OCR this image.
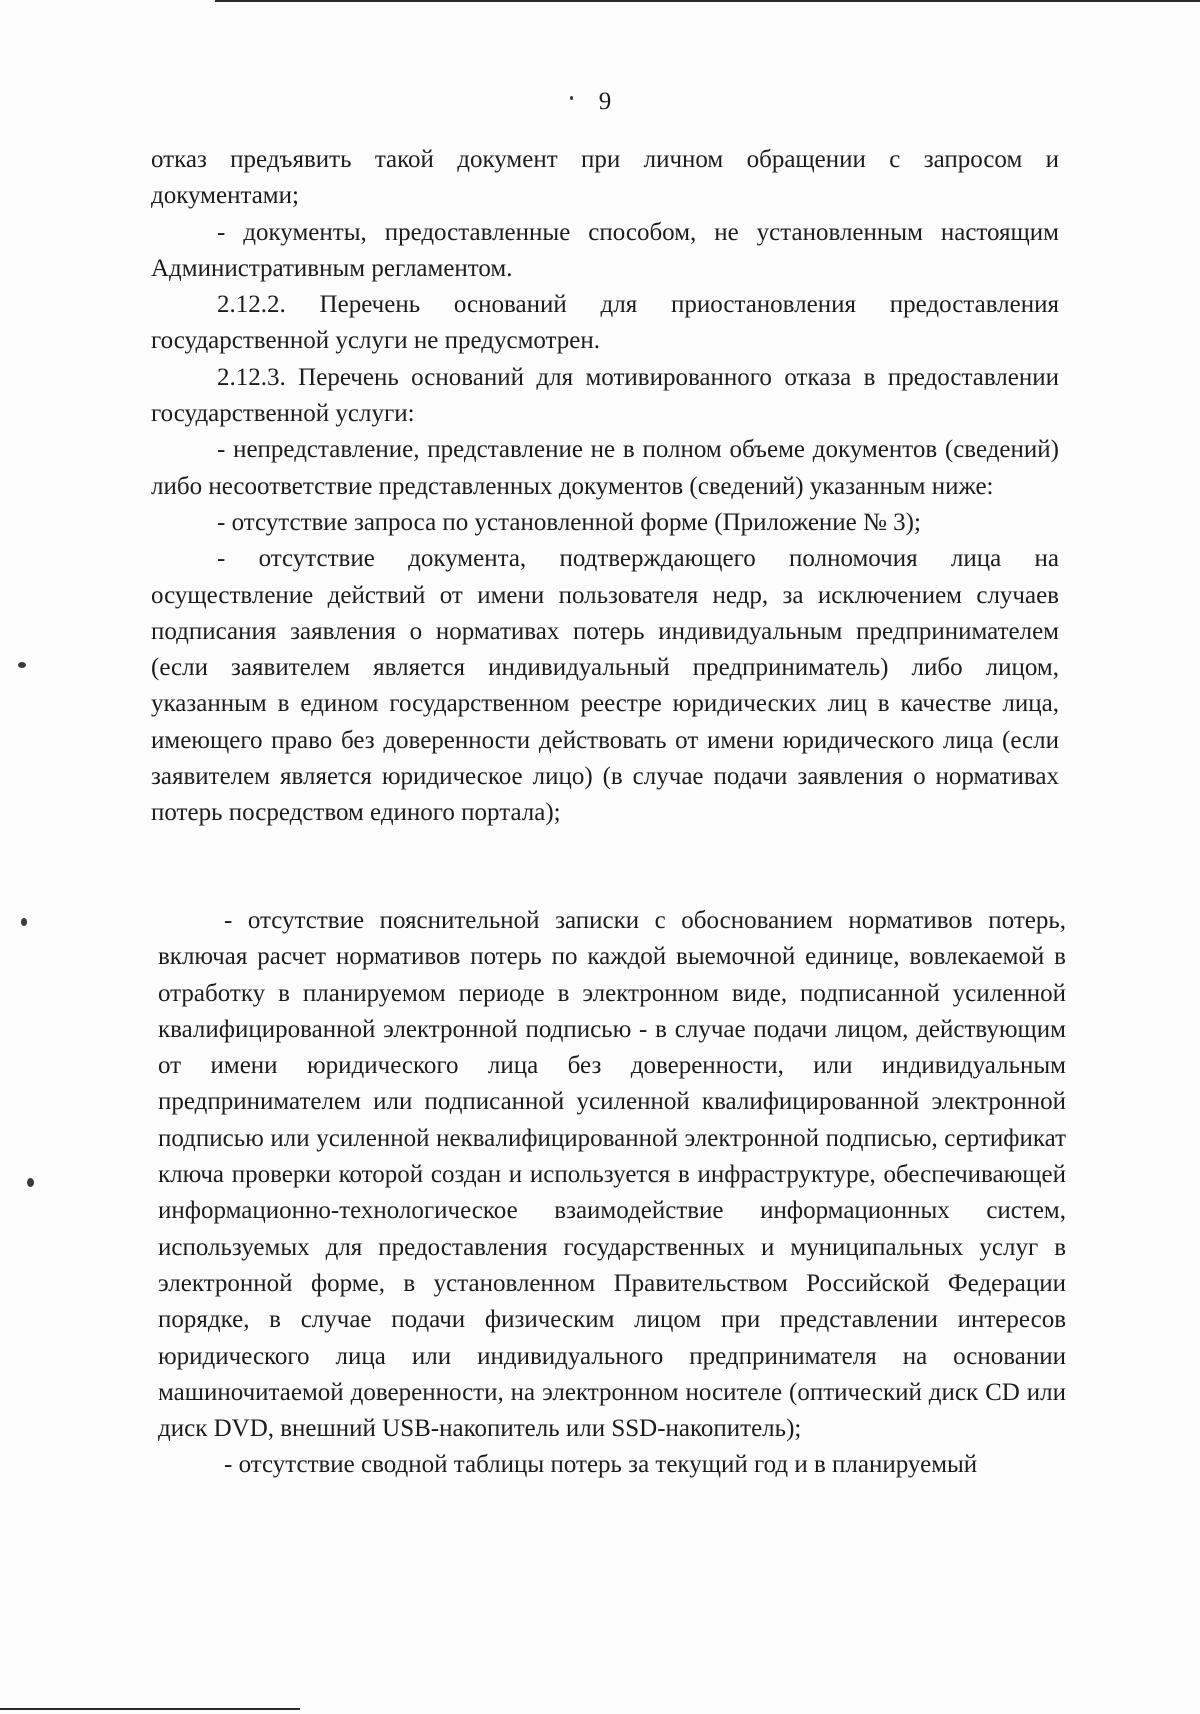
9

отказ предъявить такой документ при личном обращении с запросом и документами;

- документы, предоставленные способом, не установленным настоящим Административным регламентом.

2.12.2. Перечень оснований для приостановления предоставления государственной услуги не предусмотрен.

2.12.3. Перечень оснований для мотивированного отказа в предоставлении государственной услуги:

- непредставление, представление не в полном объеме документов (сведений) либо несоответствие представленных документов (сведений) указанным ниже:

- отсутствие запроса по установленной форме (Приложение № 3);

- отсутствие документа, подтверждающего полномочия лица на осуществление действий от имени пользователя недр, за исключением случаев подписания заявления о нормативах потерь индивидуальным предпринимателем (если заявителем является индивидуальный предприниматель) либо лицом, указанным в едином государственном реестре юридических лиц в качестве лица, имеющего право без доверенности действовать от имени юридического лица (если заявителем является юридическое лицо) (в случае подачи заявления о нормативах потерь посредством единого портала);

- отсутствие пояснительной записки с обоснованием нормативов потерь, включая расчет нормативов потерь по каждой выемочной единице, вовлекаемой в отработку в планируемом периоде в электронном виде, подписанной усиленной квалифицированной электронной подписью - в случае подачи лицом, действующим от имени юридического лица без доверенности, или индивидуальным предпринимателем или подписанной усиленной квалифицированной электронной подписью или усиленной неквалифицированной электронной подписью, сертификат ключа проверки которой создан и используется в инфраструктуре, обеспечивающей информационно-технологическое взаимодействие информационных систем, используемых для предоставления государственных и муниципальных услуг в электронной форме, в установленном Правительством Российской Федерации порядке, в случае подачи физическим лицом при представлении интересов юридического лица или индивидуального предпринимателя на основании машиночитаемой доверенности, на электронном носителе (оптический диск CD или диск DVD, внешний USB-накопитель или SSD-накопитель);

- отсутствие сводной таблицы потерь за текущий год и в планируемый
